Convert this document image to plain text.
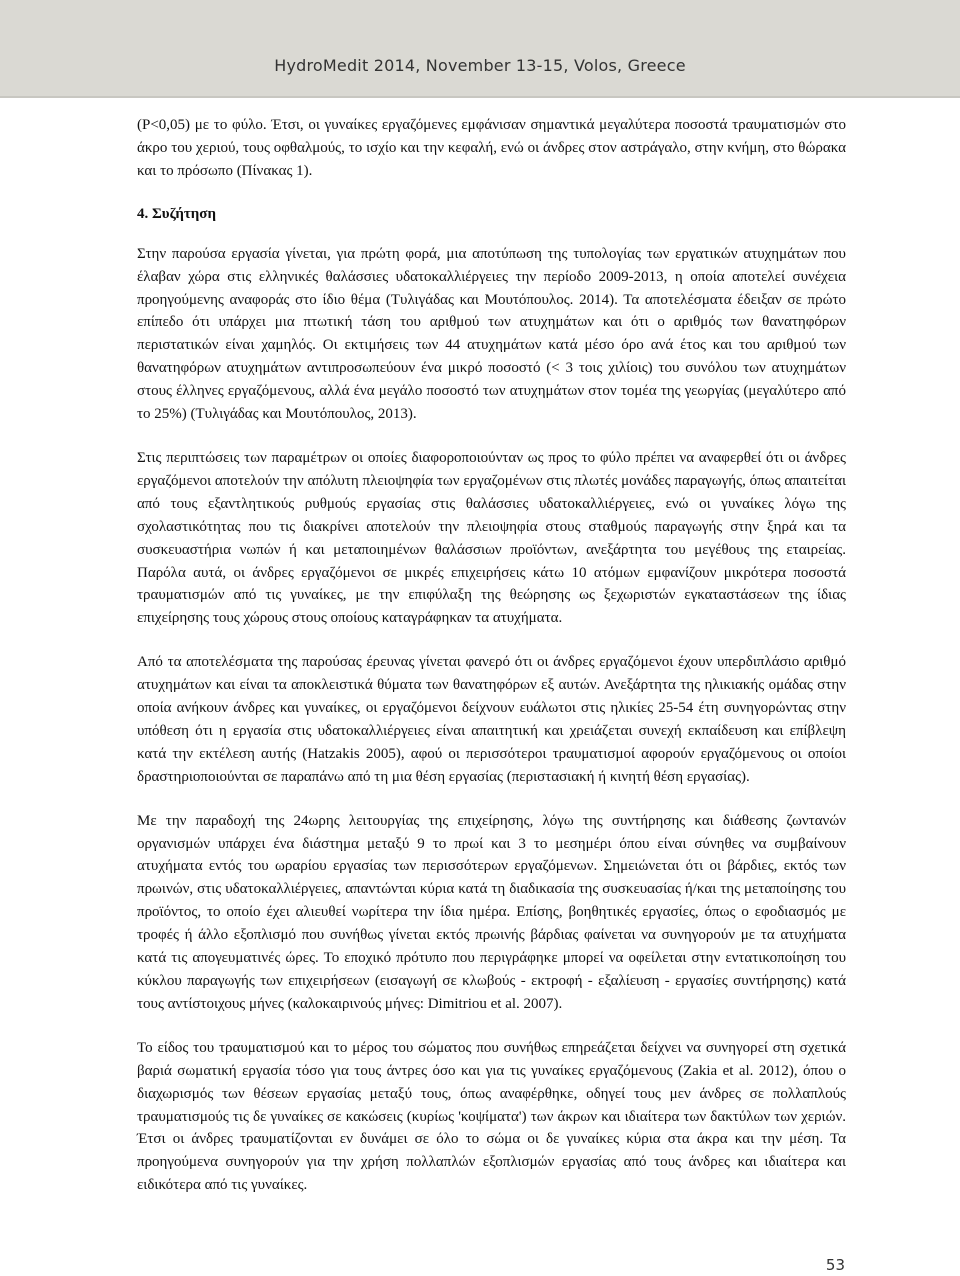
HydroMedit 2014, November 13-15, Volos, Greece

(P<0,05) με το φύλο. Έτσι, οι γυναίκες εργαζόμενες εμφάνισαν σημαντικά μεγαλύτερα ποσοστά τραυματισμών στο άκρο του χεριού, τους οφθαλμούς, το ισχίο και την κεφαλή, ενώ οι άνδρες στον αστράγαλο, στην κνήμη, στο θώρακα και το πρόσωπο (Πίνακας 1).

4. Συζήτηση

Στην παρούσα εργασία γίνεται, για πρώτη φορά, μια αποτύπωση της τυπολογίας των εργατικών ατυχημάτων που έλαβαν χώρα στις ελληνικές θαλάσσιες υδατοκαλλιέργειες την περίοδο 2009-2013, η οποία αποτελεί συνέχεια προηγούμενης αναφοράς στο ίδιο θέμα (Τυλιγάδας και Μουτόπουλος. 2014). Τα αποτελέσματα έδειξαν σε πρώτο επίπεδο ότι υπάρχει μια πτωτική τάση του αριθμού των ατυχημάτων και ότι ο αριθμός των θανατηφόρων περιστατικών είναι χαμηλός. Οι εκτιμήσεις των 44 ατυχημάτων κατά μέσο όρο ανά έτος και του αριθμού των θανατηφόρων ατυχημάτων αντιπροσωπεύουν ένα μικρό ποσοστό (< 3 τοις χιλίοις) του συνόλου των ατυχημάτων στους έλληνες εργαζόμενους, αλλά ένα μεγάλο ποσοστό των ατυχημάτων στον τομέα της γεωργίας (μεγαλύτερο από το 25%) (Τυλιγάδας και Μουτόπουλος, 2013).

Στις περιπτώσεις των παραμέτρων οι οποίες διαφοροποιούνταν ως προς το φύλο πρέπει να αναφερθεί ότι οι άνδρες εργαζόμενοι αποτελούν την απόλυτη πλειοψηφία των εργαζομένων στις πλωτές μονάδες παραγωγής, όπως απαιτείται από τους εξαντλητικούς ρυθμούς εργασίας στις θαλάσσιες υδατοκαλλιέργειες, ενώ οι γυναίκες λόγω της σχολαστικότητας που τις διακρίνει αποτελούν την πλειοψηφία στους σταθμούς παραγωγής στην ξηρά και τα συσκευαστήρια νωπών ή και μεταποιημένων θαλάσσιων προϊόντων, ανεξάρτητα του μεγέθους της εταιρείας. Παρόλα αυτά, οι άνδρες εργαζόμενοι σε μικρές επιχειρήσεις κάτω 10 ατόμων εμφανίζουν μικρότερα ποσοστά τραυματισμών από τις γυναίκες, με την επιφύλαξη της θεώρησης ως ξεχωριστών εγκαταστάσεων της ίδιας επιχείρησης τους χώρους στους οποίους καταγράφηκαν τα ατυχήματα.

Από τα αποτελέσματα της παρούσας έρευνας γίνεται φανερό ότι οι άνδρες εργαζόμενοι έχουν υπερδιπλάσιο αριθμό ατυχημάτων και είναι τα αποκλειστικά θύματα των θανατηφόρων εξ αυτών. Ανεξάρτητα της ηλικιακής ομάδας στην οποία ανήκουν άνδρες και γυναίκες, οι εργαζόμενοι δείχνουν ευάλωτοι στις ηλικίες 25-54 έτη συνηγορώντας στην υπόθεση ότι η εργασία στις υδατοκαλλιέργειες είναι απαιτητική και χρειάζεται συνεχή εκπαίδευση και επίβλεψη κατά την εκτέλεση αυτής (Hatzakis 2005), αφού οι περισσότεροι τραυματισμοί αφορούν εργαζόμενους οι οποίοι δραστηριοποιούνται σε παραπάνω από τη μια θέση εργασίας (περιστασιακή ή κινητή θέση εργασίας).

Με την παραδοχή της 24ωρης λειτουργίας της επιχείρησης, λόγω της συντήρησης και διάθεσης ζωντανών οργανισμών υπάρχει ένα διάστημα μεταξύ 9 το πρωί και 3 το μεσημέρι όπου είναι σύνηθες να συμβαίνουν ατυχήματα εντός του ωραρίου εργασίας των περισσότερων εργαζόμενων. Σημειώνεται ότι οι βάρδιες, εκτός των πρωινών, στις υδατοκαλλιέργειες, απαντώνται κύρια κατά τη διαδικασία της συσκευασίας ή/και της μεταποίησης του προϊόντος, το οποίο έχει αλιευθεί νωρίτερα την ίδια ημέρα. Επίσης, βοηθητικές εργασίες, όπως ο εφοδιασμός με τροφές ή άλλο εξοπλισμό που συνήθως γίνεται εκτός πρωινής βάρδιας φαίνεται να συνηγορούν με τα ατυχήματα κατά τις απογευματινές ώρες. Το εποχικό πρότυπο που περιγράφηκε μπορεί να οφείλεται στην εντατικοποίηση του κύκλου παραγωγής των επιχειρήσεων (εισαγωγή σε κλωβούς - εκτροφή - εξαλίευση - εργασίες συντήρησης) κατά τους αντίστοιχους μήνες (καλοκαιρινούς μήνες: Dimitriou et al. 2007).

Το είδος του τραυματισμού και το μέρος του σώματος που συνήθως επηρεάζεται δείχνει να συνηγορεί στη σχετικά βαριά σωματική εργασία τόσο για τους άντρες όσο και για τις γυναίκες εργαζόμενους (Zakia et al. 2012), όπου ο διαχωρισμός των θέσεων εργασίας μεταξύ τους, όπως αναφέρθηκε, οδηγεί τους μεν άνδρες σε πολλαπλούς τραυματισμούς τις δε γυναίκες σε κακώσεις (κυρίως 'κοψίματα') των άκρων και ιδιαίτερα των δακτύλων των χεριών. Έτσι οι άνδρες τραυματίζονται εν δυνάμει σε όλο το σώμα οι δε γυναίκες κύρια στα άκρα και την μέση. Τα προηγούμενα συνηγορούν για την χρήση πολλαπλών εξοπλισμών εργασίας από τους άνδρες και ιδιαίτερα και ειδικότερα από τις γυναίκες.

53
